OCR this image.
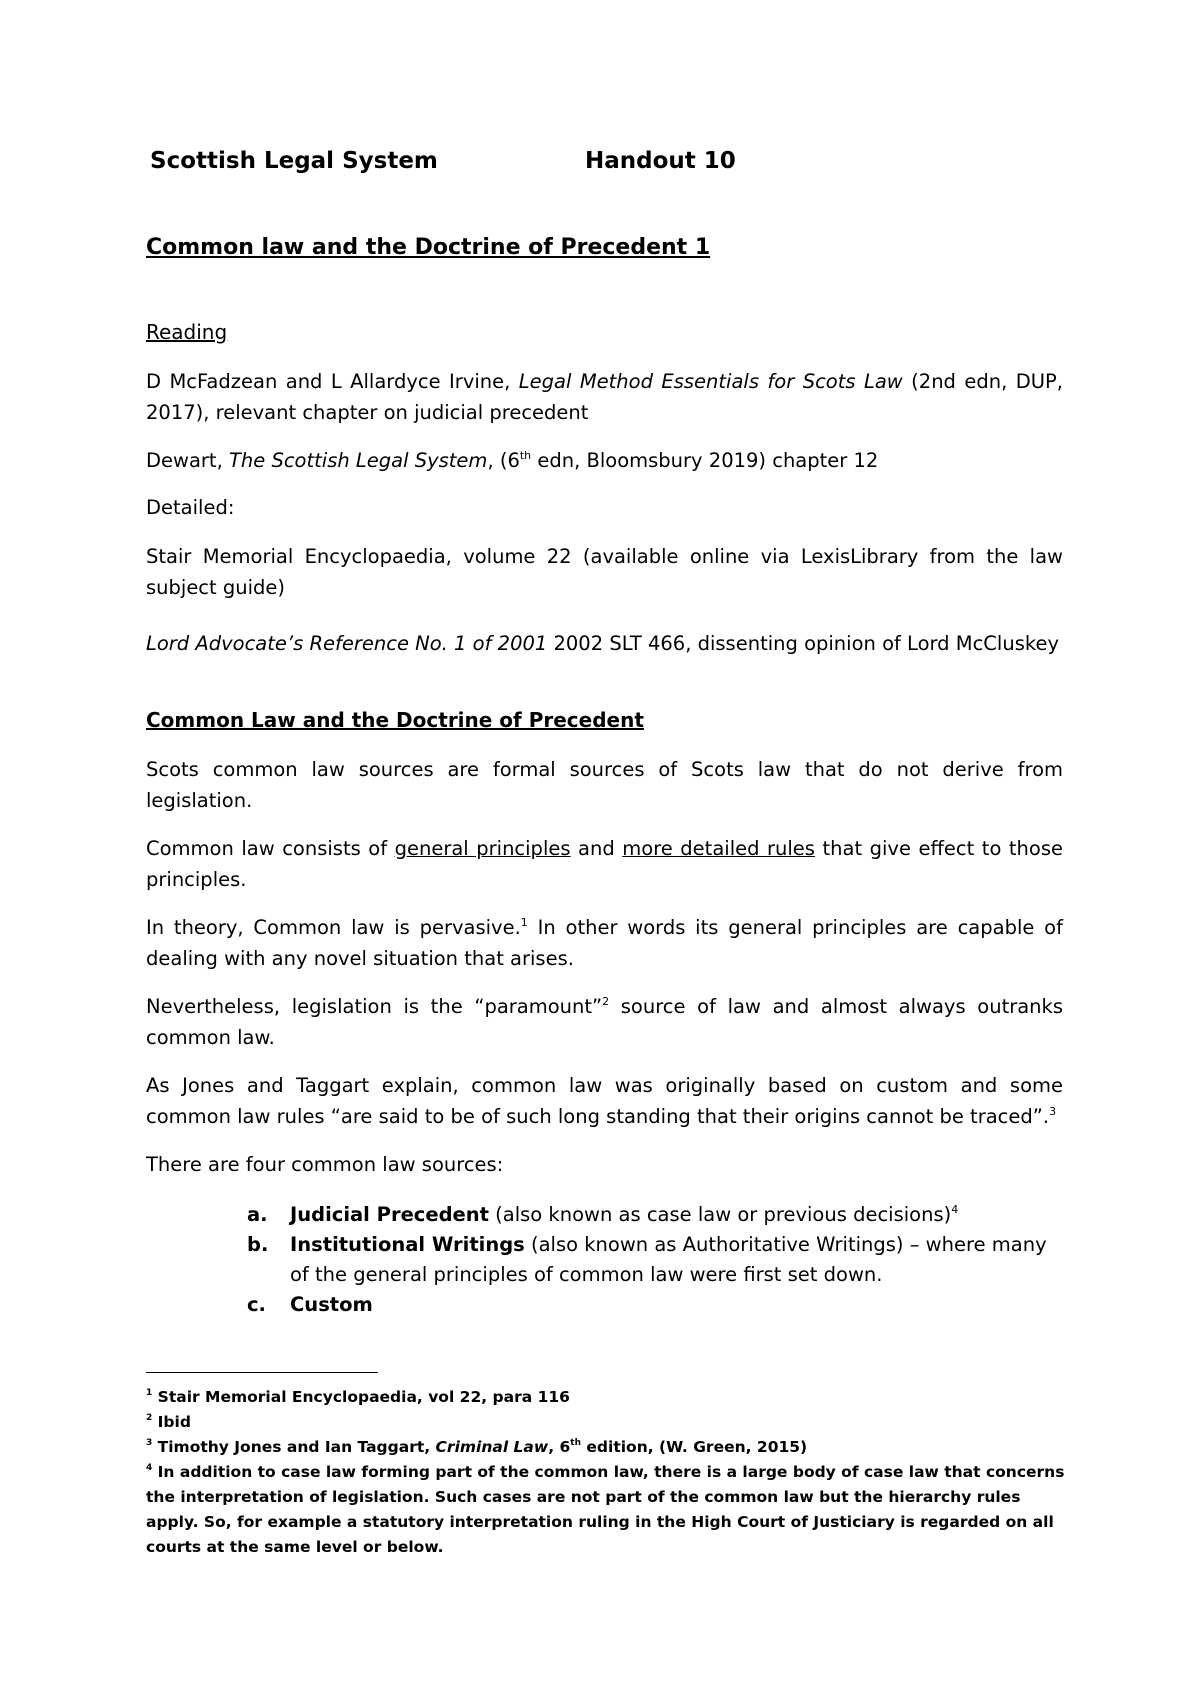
Scottish Legal System	Handout 10
Common law and the Doctrine of Precedent 1
Reading
D McFadzean and L Allardyce Irvine, Legal Method Essentials for Scots Law (2nd edn, DUP, 2017), relevant chapter on judicial precedent
Dewart, The Scottish Legal System, (6th edn, Bloomsbury 2019) chapter 12
Detailed:
Stair Memorial Encyclopaedia, volume 22 (available online via LexisLibrary from the law subject guide)
Lord Advocate’s Reference No. 1 of 2001 2002 SLT 466, dissenting opinion of Lord McCluskey
Common Law and the Doctrine of Precedent
Scots common law sources are formal sources of Scots law that do not derive from legislation.
Common law consists of general principles and more detailed rules that give effect to those principles.
In theory, Common law is pervasive.$^1$ In other words its general principles are capable of dealing with any novel situation that arises.
Nevertheless, legislation is the “paramount”$^2$ source of law and almost always outranks common law.
As Jones and Taggart explain, common law was originally based on custom and some common law rules “are said to be of such long standing that their origins cannot be traced”.$^3$
There are four common law sources:
a. Judicial Precedent (also known as case law or previous decisions)$^4$
b. Institutional Writings (also known as Authoritative Writings) – where many of the general principles of common law were first set down.
c. Custom
$^1$ Stair Memorial Encyclopaedia, vol 22, para 116
$^2$ Ibid
$^3$ Timothy Jones and Ian Taggart, Criminal Law, 6th edition, (W. Green, 2015)
$^4$ In addition to case law forming part of the common law, there is a large body of case law that concerns the interpretation of legislation. Such cases are not part of the common law but the hierarchy rules apply. So, for example a statutory interpretation ruling in the High Court of Justiciary is regarded on all courts at the same level or below.
